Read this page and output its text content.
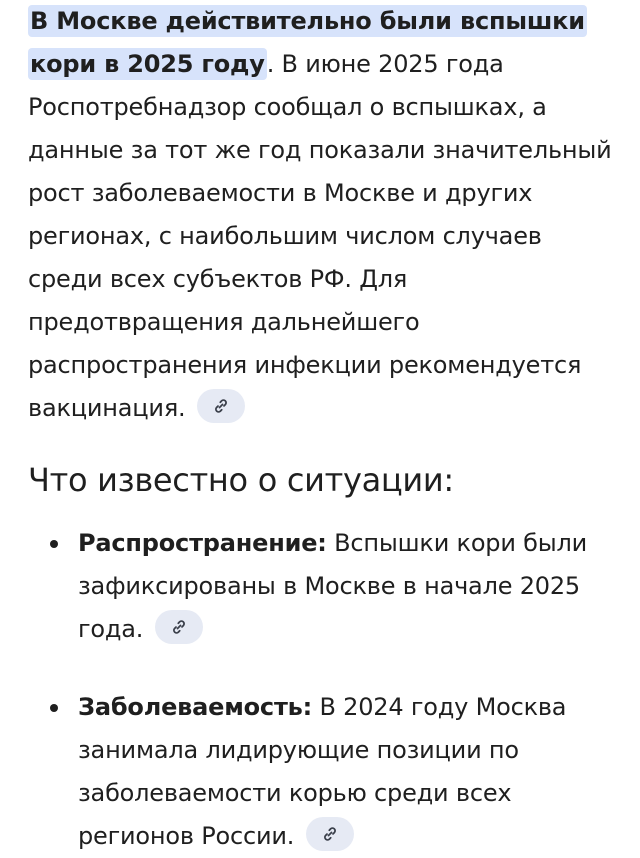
В Москве действительно были вспышки кори в 2025 году. В июне 2025 года Роспотребнадзор сообщал о вспышках, а данные за тот же год показали значительный рост заболеваемости в Москве и других регионах, с наибольшим числом случаев среди всех субъектов РФ. Для предотвращения дальнейшего распространения инфекции рекомендуется вакцинация.
Что известно о ситуации:
Распространение: Вспышки кори были зафиксированы в Москве в начале 2025 года.
Заболеваемость: В 2024 году Москва занимала лидирующие позиции по заболеваемости корью среди всех регионов России.
